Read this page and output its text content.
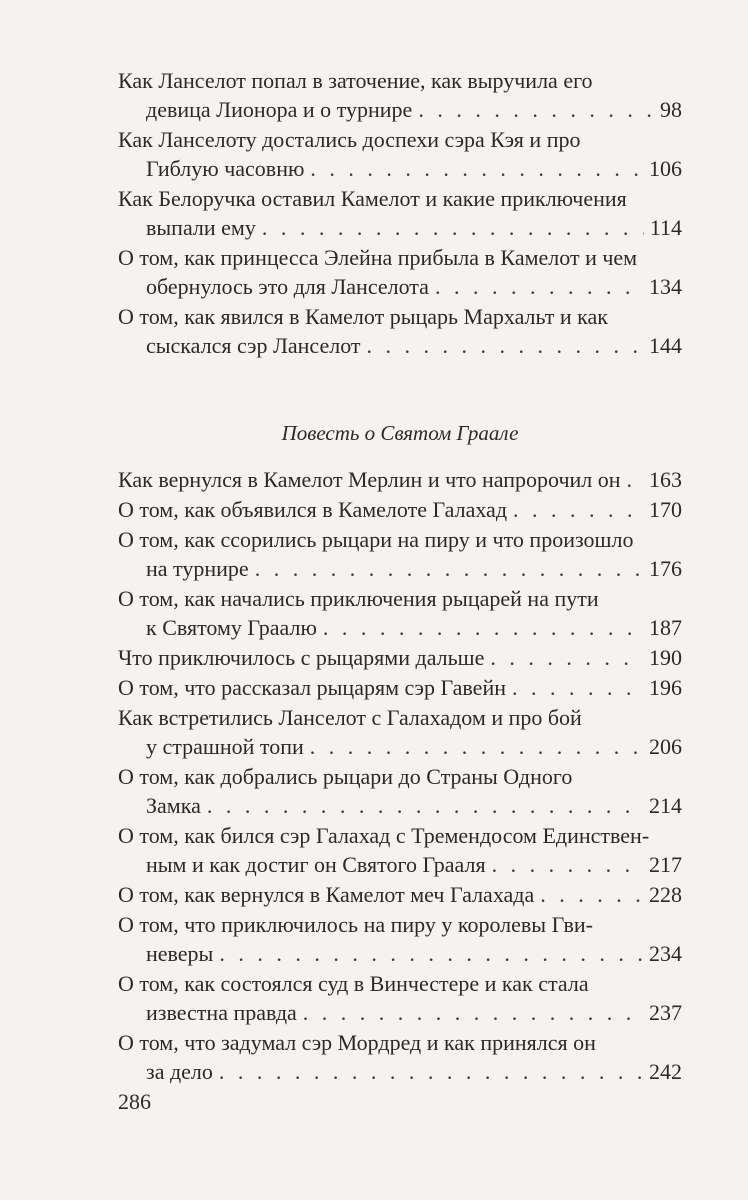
Как Ланселот попал в заточение, как выручила его
девица Лионора и о турнире . . .	98
Как Ланселоту достались доспехи сэра Кэя и про
Гиблую часовню . . .	106
Как Белоручка оставил Камелот и какие приключения
выпали ему . . .	114
О том, как принцесса Элейна прибыла в Камелот и чем
обернулось это для Ланселота . . .	134
О том, как явился в Камелот рыцарь Мархальт и как
сыскался сэр Ланселот . . .	144
Повесть о Святом Граале
Как вернулся в Камелот Мерлин и что напророчил он . . . 163
О том, как объявился в Камелоте Галахад . . .	170
О том, как ссорились рыцари на пиру и что произошло
на турнире . . .	176
О том, как начались приключения рыцарей на пути
к Святому Граалю . . .	187
Что приключилось с рыцарями дальше . . .	190
О том, что рассказал рыцарям сэр Гавейн . . .	196
Как встретились Ланселот с Галахадом и про бой
у страшной топи . . .	206
О том, как добрались рыцари до Страны Одного
Замка . . .	214
О том, как бился сэр Галахад с Тремендосом Единствен-
ным и как достиг он Святого Грааля . . .	217
О том, как вернулся в Камелот меч Галахада . . .	228
О том, что приключилось на пиру у королевы Гви-
неверы . . .	234
О том, как состоялся суд в Винчестере и как стала
известна правда . . .	237
О том, что задумал сэр Мордред и как принялся он
за дело . . .	242
286
